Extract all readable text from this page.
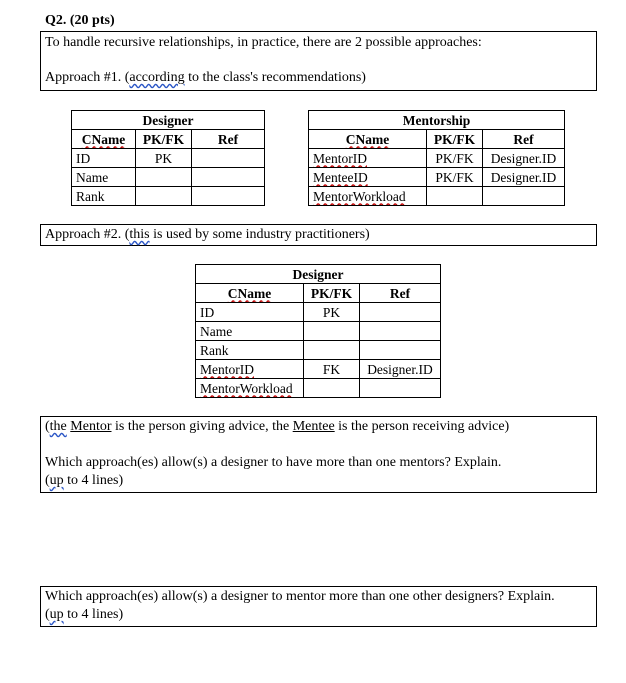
Q2. (20 pts)
To handle recursive relationships, in practice, there are 2 possible approaches:
Approach #1. (according to the class's recommendations)
Designer		
CName	PK/FK	Ref
ID	PK	
Name		
Rank		
Mentorship		
CName	PK/FK	Ref
MentorID	PK/FK	Designer.ID
MenteeID	PK/FK	Designer.ID
MentorWorkload		
Approach #2. (this is used by some industry practitioners)
Designer		
CName	PK/FK	Ref
ID	PK	
Name		
Rank		
MentorID	FK	Designer.ID
MentorWorkload		
(the Mentor is the person giving advice, the Mentee is the person receiving advice)
Which approach(es) allow(s) a designer to have more than one mentors? Explain.
(up to 4 lines)
Which approach(es) allow(s) a designer to mentor more than one other designers? Explain.
(up to 4 lines)
